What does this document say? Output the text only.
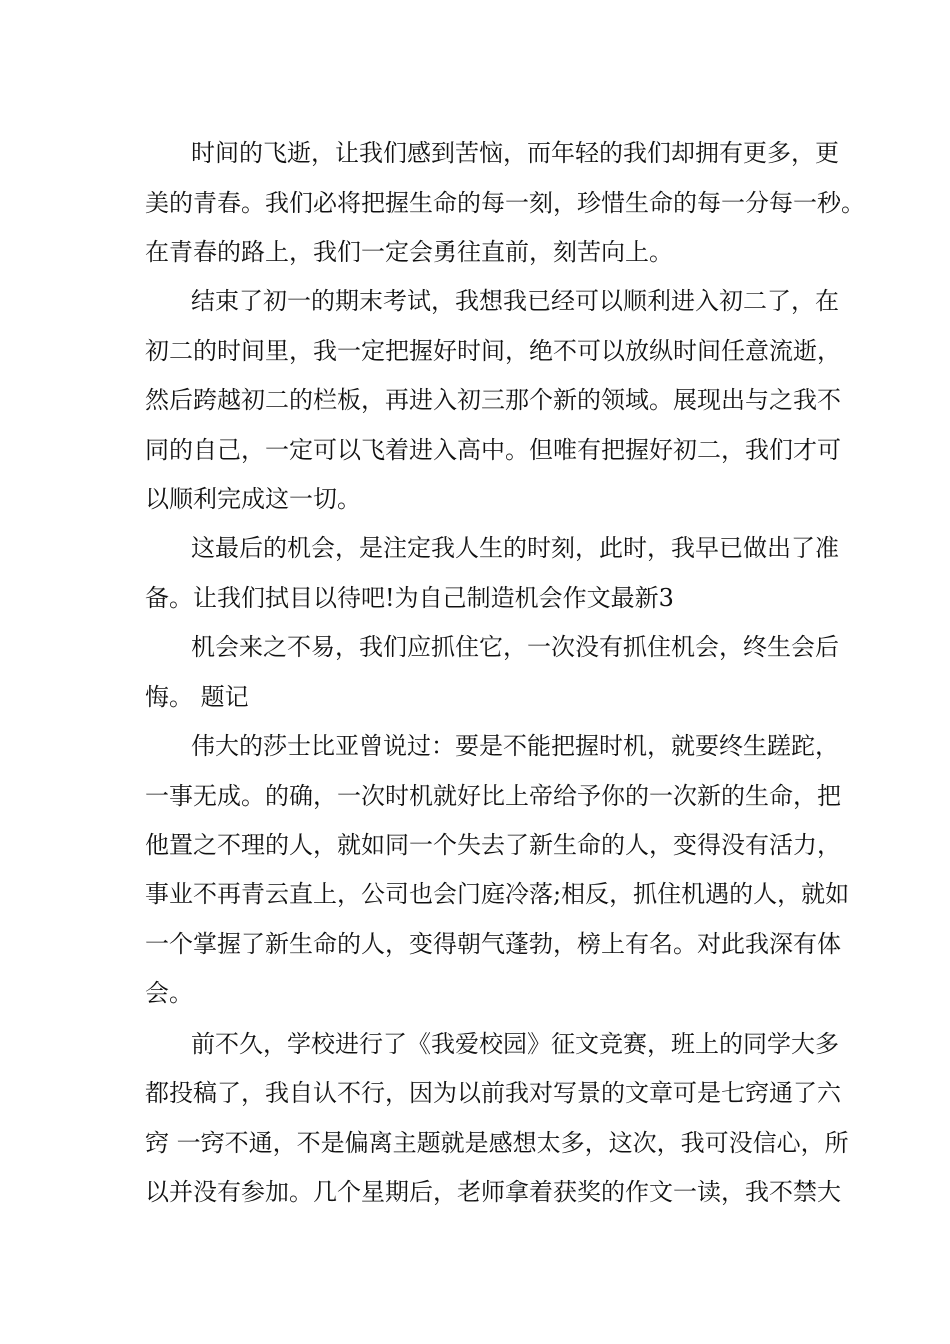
时间的飞逝，让我们感到苦恼，而年轻的我们却拥有更多，更
美的青春。我们必将把握生命的每一刻，珍惜生命的每一分每一秒。
在青春的路上，我们一定会勇往直前，刻苦向上。
结束了初一的期末考试，我想我已经可以顺利进入初二了，在
初二的时间里，我一定把握好时间，绝不可以放纵时间任意流逝，
然后跨越初二的栏板，再进入初三那个新的领域。展现出与之我不
同的自己，一定可以飞着进入高中。但唯有把握好初二，我们才可
以顺利完成这一切。
这最后的机会，是注定我人生的时刻，此时，我早已做出了准
备。让我们拭目以待吧!为自己制造机会作文最新3
机会来之不易，我们应抓住它，一次没有抓住机会，终生会后
悔。 题记
伟大的莎士比亚曾说过：要是不能把握时机，就要终生蹉跎，
一事无成。的确，一次时机就好比上帝给予你的一次新的生命，把
他置之不理的人，就如同一个失去了新生命的人，变得没有活力，
事业不再青云直上，公司也会门庭冷落;相反，抓住机遇的人，就如
一个掌握了新生命的人，变得朝气蓬勃，榜上有名。对此我深有体
会。
前不久，学校进行了《我爱校园》征文竞赛，班上的同学大多
都投稿了，我自认不行，因为以前我对写景的文章可是七窍通了六
窍 一窍不通，不是偏离主题就是感想太多，这次，我可没信心，所
以并没有参加。几个星期后，老师拿着获奖的作文一读，我不禁大
